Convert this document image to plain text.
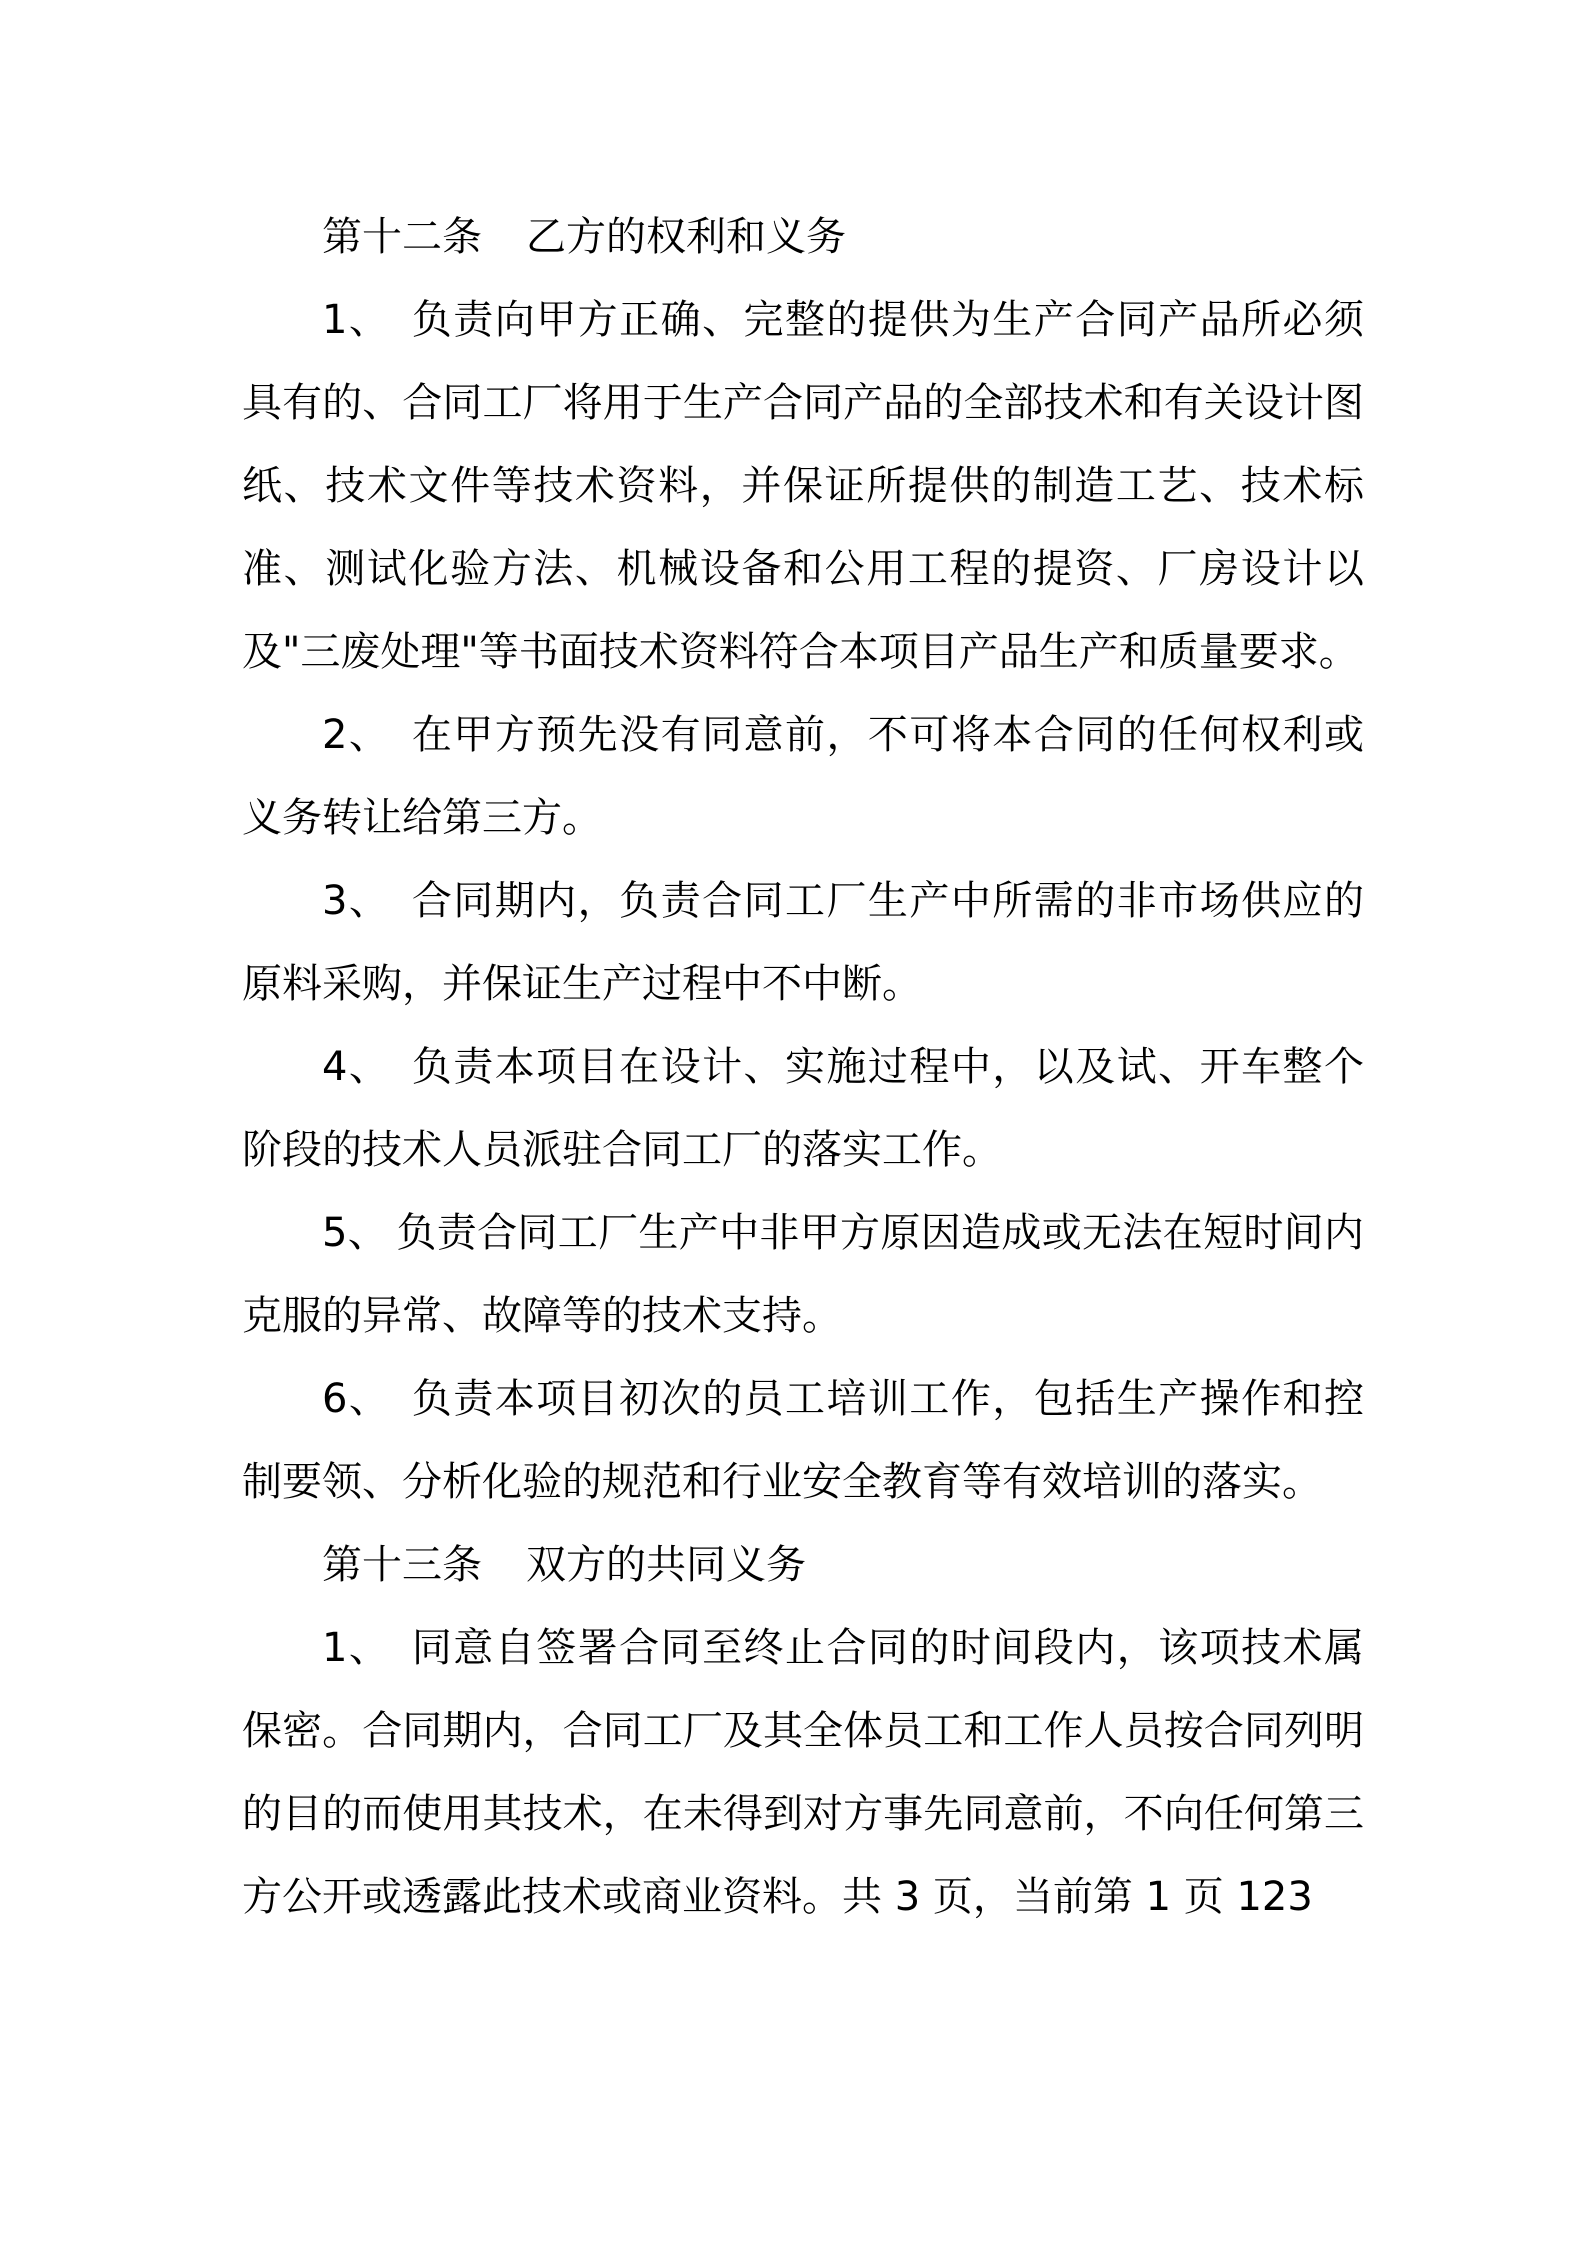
第十二条 乙方的权利和义务

1、 负责向甲方正确、完整的提供为生产合同产品所必须具有的、合同工厂将用于生产合同产品的全部技术和有关设计图纸、技术文件等技术资料，并保证所提供的制造工艺、技术标准、测试化验方法、机械设备和公用工程的提资、厂房设计以及"三废处理"等书面技术资料符合本项目产品生产和质量要求。

2、 在甲方预先没有同意前，不可将本合同的任何权利或义务转让给第三方。

3、 合同期内，负责合同工厂生产中所需的非市场供应的原料采购，并保证生产过程中不中断。

4、 负责本项目在设计、实施过程中，以及试、开车整个阶段的技术人员派驻合同工厂的落实工作。

5、 负责合同工厂生产中非甲方原因造成或无法在短时间内克服的异常、故障等的技术支持。

6、 负责本项目初次的员工培训工作，包括生产操作和控制要领、分析化验的规范和行业安全教育等有效培训的落实。

第十三条 双方的共同义务

1、 同意自签署合同至终止合同的时间段内，该项技术属保密。合同期内，合同工厂及其全体员工和工作人员按合同列明的目的而使用其技术，在未得到对方事先同意前，不向任何第三方公开或透露此技术或商业资料。共 3 页，当前第 1 页 123
